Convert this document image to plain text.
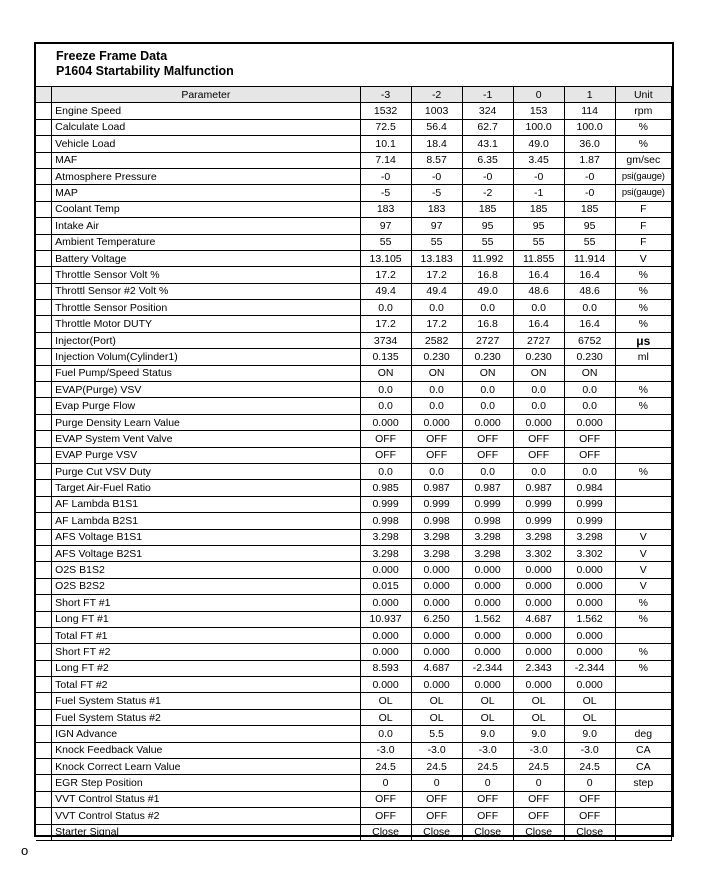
Freeze Frame Data
P1604 Startability Malfunction
	Parameter	-3	-2	-1	0	1	Unit
	Engine Speed	1532	1003	324	153	114	rpm
	Calculate Load	72.5	56.4	62.7	100.0	100.0	%
	Vehicle Load	10.1	18.4	43.1	49.0	36.0	%
	MAF	7.14	8.57	6.35	3.45	1.87	gm/sec
	Atmosphere Pressure	-0	-0	-0	-0	-0	psi(gauge)
	MAP	-5	-5	-2	-1	-0	psi(gauge)
	Coolant Temp	183	183	185	185	185	F
	Intake Air	97	97	95	95	95	F
	Ambient Temperature	55	55	55	55	55	F
	Battery Voltage	13.105	13.183	11.992	11.855	11.914	V
	Throttle Sensor Volt %	17.2	17.2	16.8	16.4	16.4	%
	Throttl Sensor #2 Volt %	49.4	49.4	49.0	48.6	48.6	%
	Throttle Sensor Position	0.0	0.0	0.0	0.0	0.0	%
	Throttle Motor DUTY	17.2	17.2	16.8	16.4	16.4	%
	Injector(Port)	3734	2582	2727	2727	6752	μs
	Injection Volum(Cylinder1)	0.135	0.230	0.230	0.230	0.230	ml
	Fuel Pump/Speed Status	ON	ON	ON	ON	ON	
	EVAP(Purge) VSV	0.0	0.0	0.0	0.0	0.0	%
	Evap Purge Flow	0.0	0.0	0.0	0.0	0.0	%
	Purge Density Learn Value	0.000	0.000	0.000	0.000	0.000	
	EVAP System Vent Valve	OFF	OFF	OFF	OFF	OFF	
	EVAP Purge VSV	OFF	OFF	OFF	OFF	OFF	
	Purge Cut VSV Duty	0.0	0.0	0.0	0.0	0.0	%
	Target Air-Fuel Ratio	0.985	0.987	0.987	0.987	0.984	
	AF Lambda B1S1	0.999	0.999	0.999	0.999	0.999	
	AF Lambda B2S1	0.998	0.998	0.998	0.999	0.999	
	AFS Voltage B1S1	3.298	3.298	3.298	3.298	3.298	V
	AFS Voltage B2S1	3.298	3.298	3.298	3.302	3.302	V
	O2S B1S2	0.000	0.000	0.000	0.000	0.000	V
	O2S B2S2	0.015	0.000	0.000	0.000	0.000	V
	Short FT #1	0.000	0.000	0.000	0.000	0.000	%
	Long FT #1	10.937	6.250	1.562	4.687	1.562	%
	Total FT #1	0.000	0.000	0.000	0.000	0.000	
	Short FT #2	0.000	0.000	0.000	0.000	0.000	%
	Long FT #2	8.593	4.687	-2.344	2.343	-2.344	%
	Total FT #2	0.000	0.000	0.000	0.000	0.000	
	Fuel System Status #1	OL	OL	OL	OL	OL	
	Fuel System Status #2	OL	OL	OL	OL	OL	
	IGN Advance	0.0	5.5	9.0	9.0	9.0	deg
	Knock Feedback Value	-3.0	-3.0	-3.0	-3.0	-3.0	CA
	Knock Correct Learn Value	24.5	24.5	24.5	24.5	24.5	CA
	EGR Step Position	0	0	0	0	0	step
	VVT Control Status #1	OFF	OFF	OFF	OFF	OFF	
	VVT Control Status #2	OFF	OFF	OFF	OFF	OFF	
	Starter Signal	Close	Close	Close	Close	Close	
o
